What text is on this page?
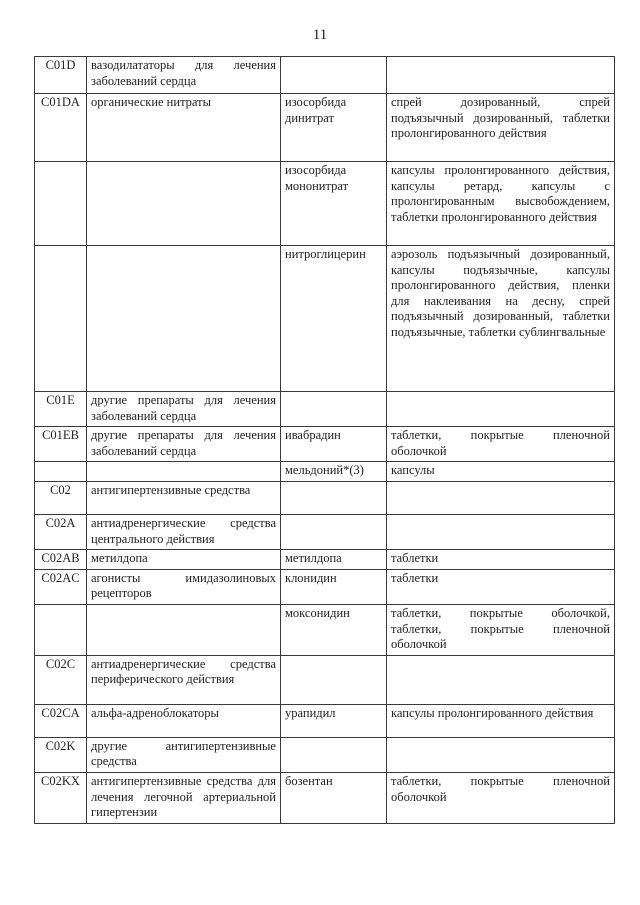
11
C01D	вазодилататоры для лечения заболеваний сердца		
C01DA	органические нитраты	изосорбида динитрат	спрей дозированный, спрей подъязычный дозированный, таблетки пролонгированного действия
		изосорбида мононитрат	капсулы пролонгированного действия, капсулы ретард, капсулы с пролонгированным высвобождением, таблетки пролонгированного действия
		нитроглицерин	аэрозоль подъязычный дозированный, капсулы подъязычные, капсулы пролонгированного действия, пленки для наклеивания на десну, спрей подъязычный дозированный, таблетки подъязычные, таблетки сублингвальные
C01E	другие препараты для лечения заболеваний сердца		
C01EB	другие препараты для лечения заболеваний сердца	ивабрадин	таблетки, покрытые пленочной оболочкой
		мельдоний*(3)	капсулы
C02	антигипертензивные средства		
C02A	антиадренергические средства центрального действия		
C02AB	метилдопа	метилдопа	таблетки
C02AC	агонисты имидазолиновых рецепторов	клонидин	таблетки
		моксонидин	таблетки, покрытые оболочкой, таблетки, покрытые пленочной оболочкой
C02C	антиадренергические средства периферического действия		
C02CA	альфа-адреноблокаторы	урапидил	капсулы пролонгированного действия
C02K	другие антигипертензивные средства		
C02KX	антигипертензивные средства для лечения легочной артериальной гипертензии	бозентан	таблетки, покрытые пленочной оболочкой
